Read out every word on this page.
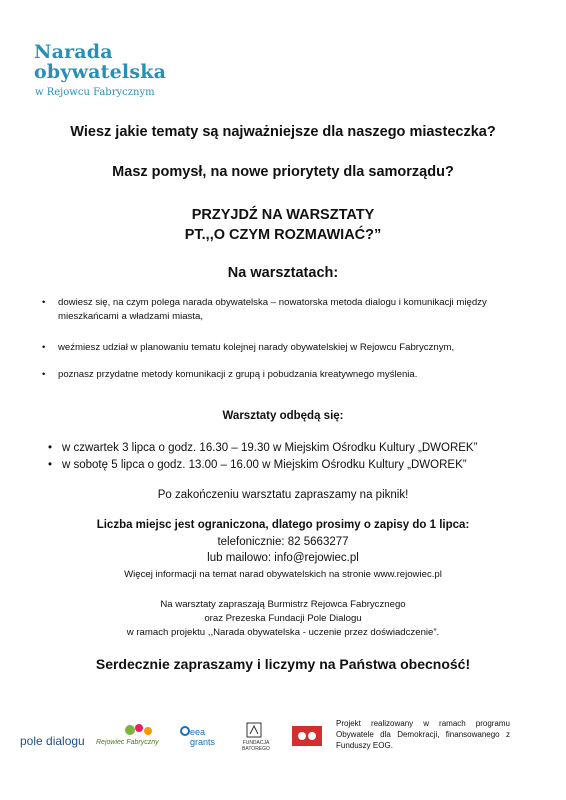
Narada
obywatelska
w Rejowcu Fabrycznym
Wiesz jakie tematy są najważniejsze dla naszego miasteczka?
Masz pomysł, na nowe priorytety dla samorządu?
PRZYJDŹ NA WARSZTATY
PT.,,O CZYM ROZMAWIAĆ?”
Na warsztatach:
• dowiesz się, na czym polega narada obywatelska – nowatorska metoda dialogu i komunikacji między mieszkańcami a władzami miasta,
• weźmiesz udział w planowaniu tematu kolejnej narady obywatelskiej w Rejowcu Fabrycznym,
• poznasz przydatne metody komunikacji z grupą i pobudzania kreatywnego myślenia.
Warsztaty odbędą się:
• w czwartek 3 lipca o godz. 16.30 – 19.30 w Miejskim Ośrodku Kultury „DWOREK”
• w sobotę 5 lipca o godz. 13.00 – 16.00 w Miejskim Ośrodku Kultury „DWOREK”
Po zakończeniu warsztatu zapraszamy na piknik!
Liczba miejsc jest ograniczona, dlatego prosimy o zapisy do 1 lipca:
telefonicznie: 82 5663277
lub mailowo: info@rejowiec.pl
Więcej informacji na temat narad obywatelskich na stronie www.rejowiec.pl
Na warsztaty zapraszają Burmistrz Rejowca Fabrycznego
oraz Prezeska Fundacji Pole Dialogu
w ramach projektu ,,Narada obywatelska - uczenie przez doświadczenie”.
Serdecznie zapraszamy i liczymy na Państwa obecność!
pole dialogu Rejowiec Fabryczny
eea grants	FUNDACJA BATOREGO
Projekt realizowany w ramach programu Obywatele dla Demokracji, finansowanego z Funduszy EOG.
